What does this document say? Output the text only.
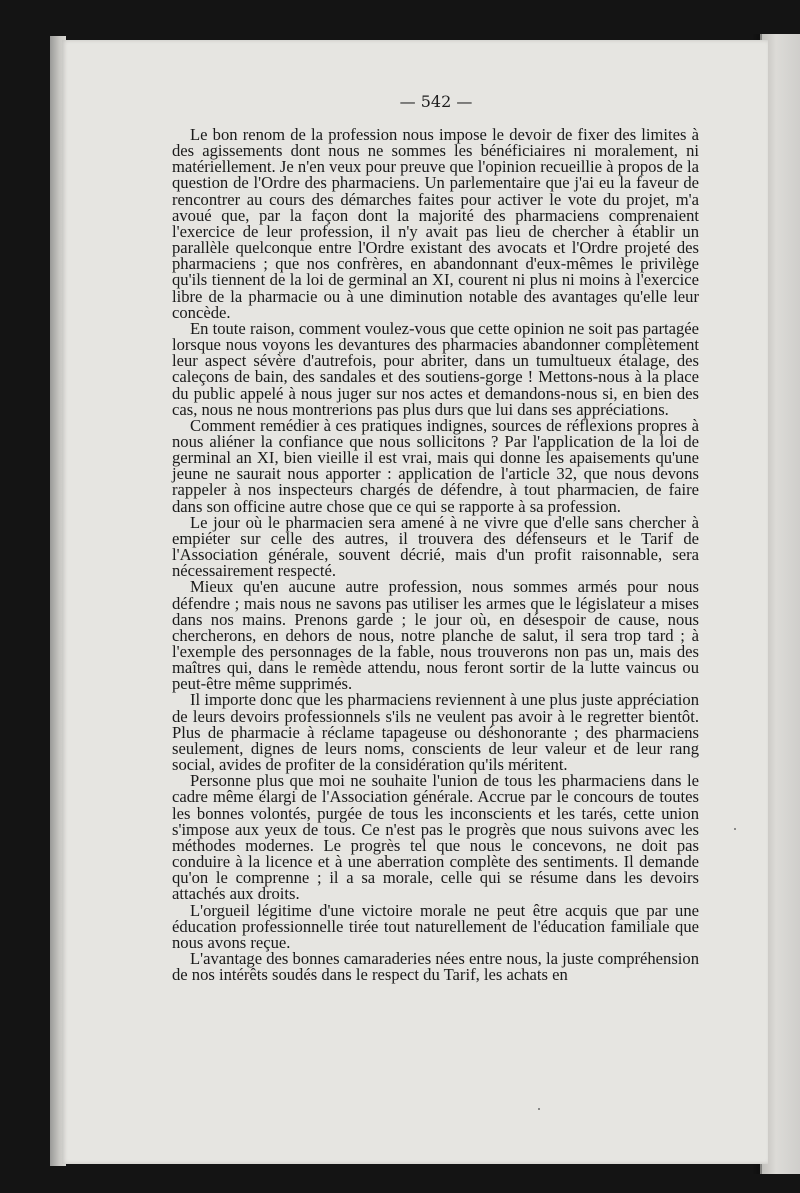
— 542 —

Le bon renom de la profession nous impose le devoir de fixer des limites à des agissements dont nous ne sommes les bénéficiaires ni moralement, ni matériellement. Je n'en veux pour preuve que l'opinion recueillie à propos de la question de l'Ordre des pharmaciens. Un parlementaire que j'ai eu la faveur de rencontrer au cours des démarches faites pour activer le vote du projet, m'a avoué que, par la façon dont la majorité des pharmaciens comprenaient l'exercice de leur profession, il n'y avait pas lieu de chercher à établir un parallèle quelconque entre l'Ordre existant des avocats et l'Ordre projeté des pharmaciens ; que nos confrères, en abandonnant d'eux-mêmes le privilège qu'ils tiennent de la loi de germinal an XI, courent ni plus ni moins à l'exercice libre de la pharmacie ou à une diminution notable des avantages qu'elle leur concède.

En toute raison, comment voulez-vous que cette opinion ne soit pas partagée lorsque nous voyons les devantures des pharmacies abandonner complètement leur aspect sévère d'autrefois, pour abriter, dans un tumultueux étalage, des caleçons de bain, des sandales et des soutiens-gorge ! Mettons-nous à la place du public appelé à nous juger sur nos actes et demandons-nous si, en bien des cas, nous ne nous montrerions pas plus durs que lui dans ses appréciations.

Comment remédier à ces pratiques indignes, sources de réflexions propres à nous aliéner la confiance que nous sollicitons ? Par l'application de la loi de germinal an XI, bien vieille il est vrai, mais qui donne les apaisements qu'une jeune ne saurait nous apporter : application de l'article 32, que nous devons rappeler à nos inspecteurs chargés de défendre, à tout pharmacien, de faire dans son officine autre chose que ce qui se rapporte à sa profession.

Le jour où le pharmacien sera amené à ne vivre que d'elle sans chercher à empiéter sur celle des autres, il trouvera des défenseurs et le Tarif de l'Association générale, souvent décrié, mais d'un profit raisonnable, sera nécessairement respecté.

Mieux qu'en aucune autre profession, nous sommes armés pour nous défendre ; mais nous ne savons pas utiliser les armes que le législateur a mises dans nos mains. Prenons garde ; le jour où, en désespoir de cause, nous chercherons, en dehors de nous, notre planche de salut, il sera trop tard ; à l'exemple des personnages de la fable, nous trouverons non pas un, mais des maîtres qui, dans le remède attendu, nous feront sortir de la lutte vaincus ou peut-être même supprimés.

Il importe donc que les pharmaciens reviennent à une plus juste appréciation de leurs devoirs professionnels s'ils ne veulent pas avoir à le regretter bientôt. Plus de pharmacie à réclame tapageuse ou déshonorante ; des pharmaciens seulement, dignes de leurs noms, conscients de leur valeur et de leur rang social, avides de profiter de la considération qu'ils méritent.

Personne plus que moi ne souhaite l'union de tous les pharmaciens dans le cadre même élargi de l'Association générale. Accrue par le concours de toutes les bonnes volontés, purgée de tous les inconscients et les tarés, cette union s'impose aux yeux de tous. Ce n'est pas le progrès que nous suivons avec les méthodes modernes. Le progrès tel que nous le concevons, ne doit pas conduire à la licence et à une aberration complète des sentiments. Il demande qu'on le comprenne ; il a sa morale, celle qui se résume dans les devoirs attachés aux droits.

L'orgueil légitime d'une victoire morale ne peut être acquis que par une éducation professionnelle tirée tout naturellement de l'éducation familiale que nous avons reçue.

L'avantage des bonnes camaraderies nées entre nous, la juste compréhension de nos intérêts soudés dans le respect du Tarif, les achats en
